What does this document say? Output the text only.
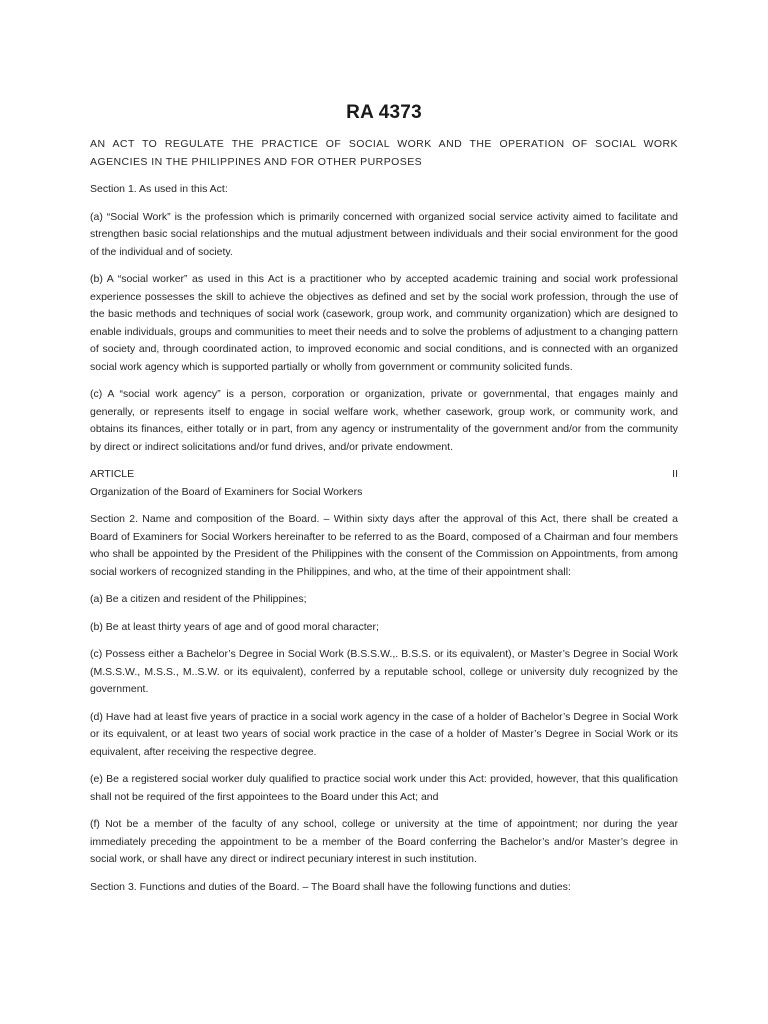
RA 4373

AN ACT TO REGULATE THE PRACTICE OF SOCIAL WORK AND THE OPERATION OF SOCIAL WORK AGENCIES IN THE PHILIPPINES AND FOR OTHER PURPOSES

Section 1. As used in this Act:

(a) “Social Work” is the profession which is primarily concerned with organized social service activity aimed to facilitate and strengthen basic social relationships and the mutual adjustment between individuals and their social environment for the good of the individual and of society.

(b) A “social worker” as used in this Act is a practitioner who by accepted academic training and social work professional experience possesses the skill to achieve the objectives as defined and set by the social work profession, through the use of the basic methods and techniques of social work (casework, group work, and community organization) which are designed to enable individuals, groups and communities to meet their needs and to solve the problems of adjustment to a changing pattern of society and, through coordinated action, to improved economic and social conditions, and is connected with an organized social work agency which is supported partially or wholly from government or community solicited funds.

(c) A “social work agency” is a person, corporation or organization, private or governmental, that engages mainly and generally, or represents itself to engage in social welfare work, whether casework, group work, or community work, and obtains its finances, either totally or in part, from any agency or instrumentality of the government and/or from the community by direct or indirect solicitations and/or fund drives, and/or private endowment.

ARTICLE	II

Organization of the Board of Examiners for Social Workers

Section 2. Name and composition of the Board. – Within sixty days after the approval of this Act, there shall be created a Board of Examiners for Social Workers hereinafter to be referred to as the Board, composed of a Chairman and four members who shall be appointed by the President of the Philippines with the consent of the Commission on Appointments, from among social workers of recognized standing in the Philippines, and who, at the time of their appointment shall:

(a) Be a citizen and resident of the Philippines;

(b) Be at least thirty years of age and of good moral character;

(c) Possess either a Bachelor’s Degree in Social Work (B.S.S.W.,. B.S.S. or its equivalent), or Master’s Degree in Social Work (M.S.S.W., M.S.S., M..S.W. or its equivalent), conferred by a reputable school, college or university duly recognized by the government.

(d) Have had at least five years of practice in a social work agency in the case of a holder of Bachelor’s Degree in Social Work or its equivalent, or at least two years of social work practice in the case of a holder of Master’s Degree in Social Work or its equivalent, after receiving the respective degree.

(e) Be a registered social worker duly qualified to practice social work under this Act: provided, however, that this qualification shall not be required of the first appointees to the Board under this Act; and

(f) Not be a member of the faculty of any school, college or university at the time of appointment; nor during the year immediately preceding the appointment to be a member of the Board conferring the Bachelor’s and/or Master’s degree in social work, or shall have any direct or indirect pecuniary interest in such institution.

Section 3. Functions and duties of the Board. – The Board shall have the following functions and duties:
